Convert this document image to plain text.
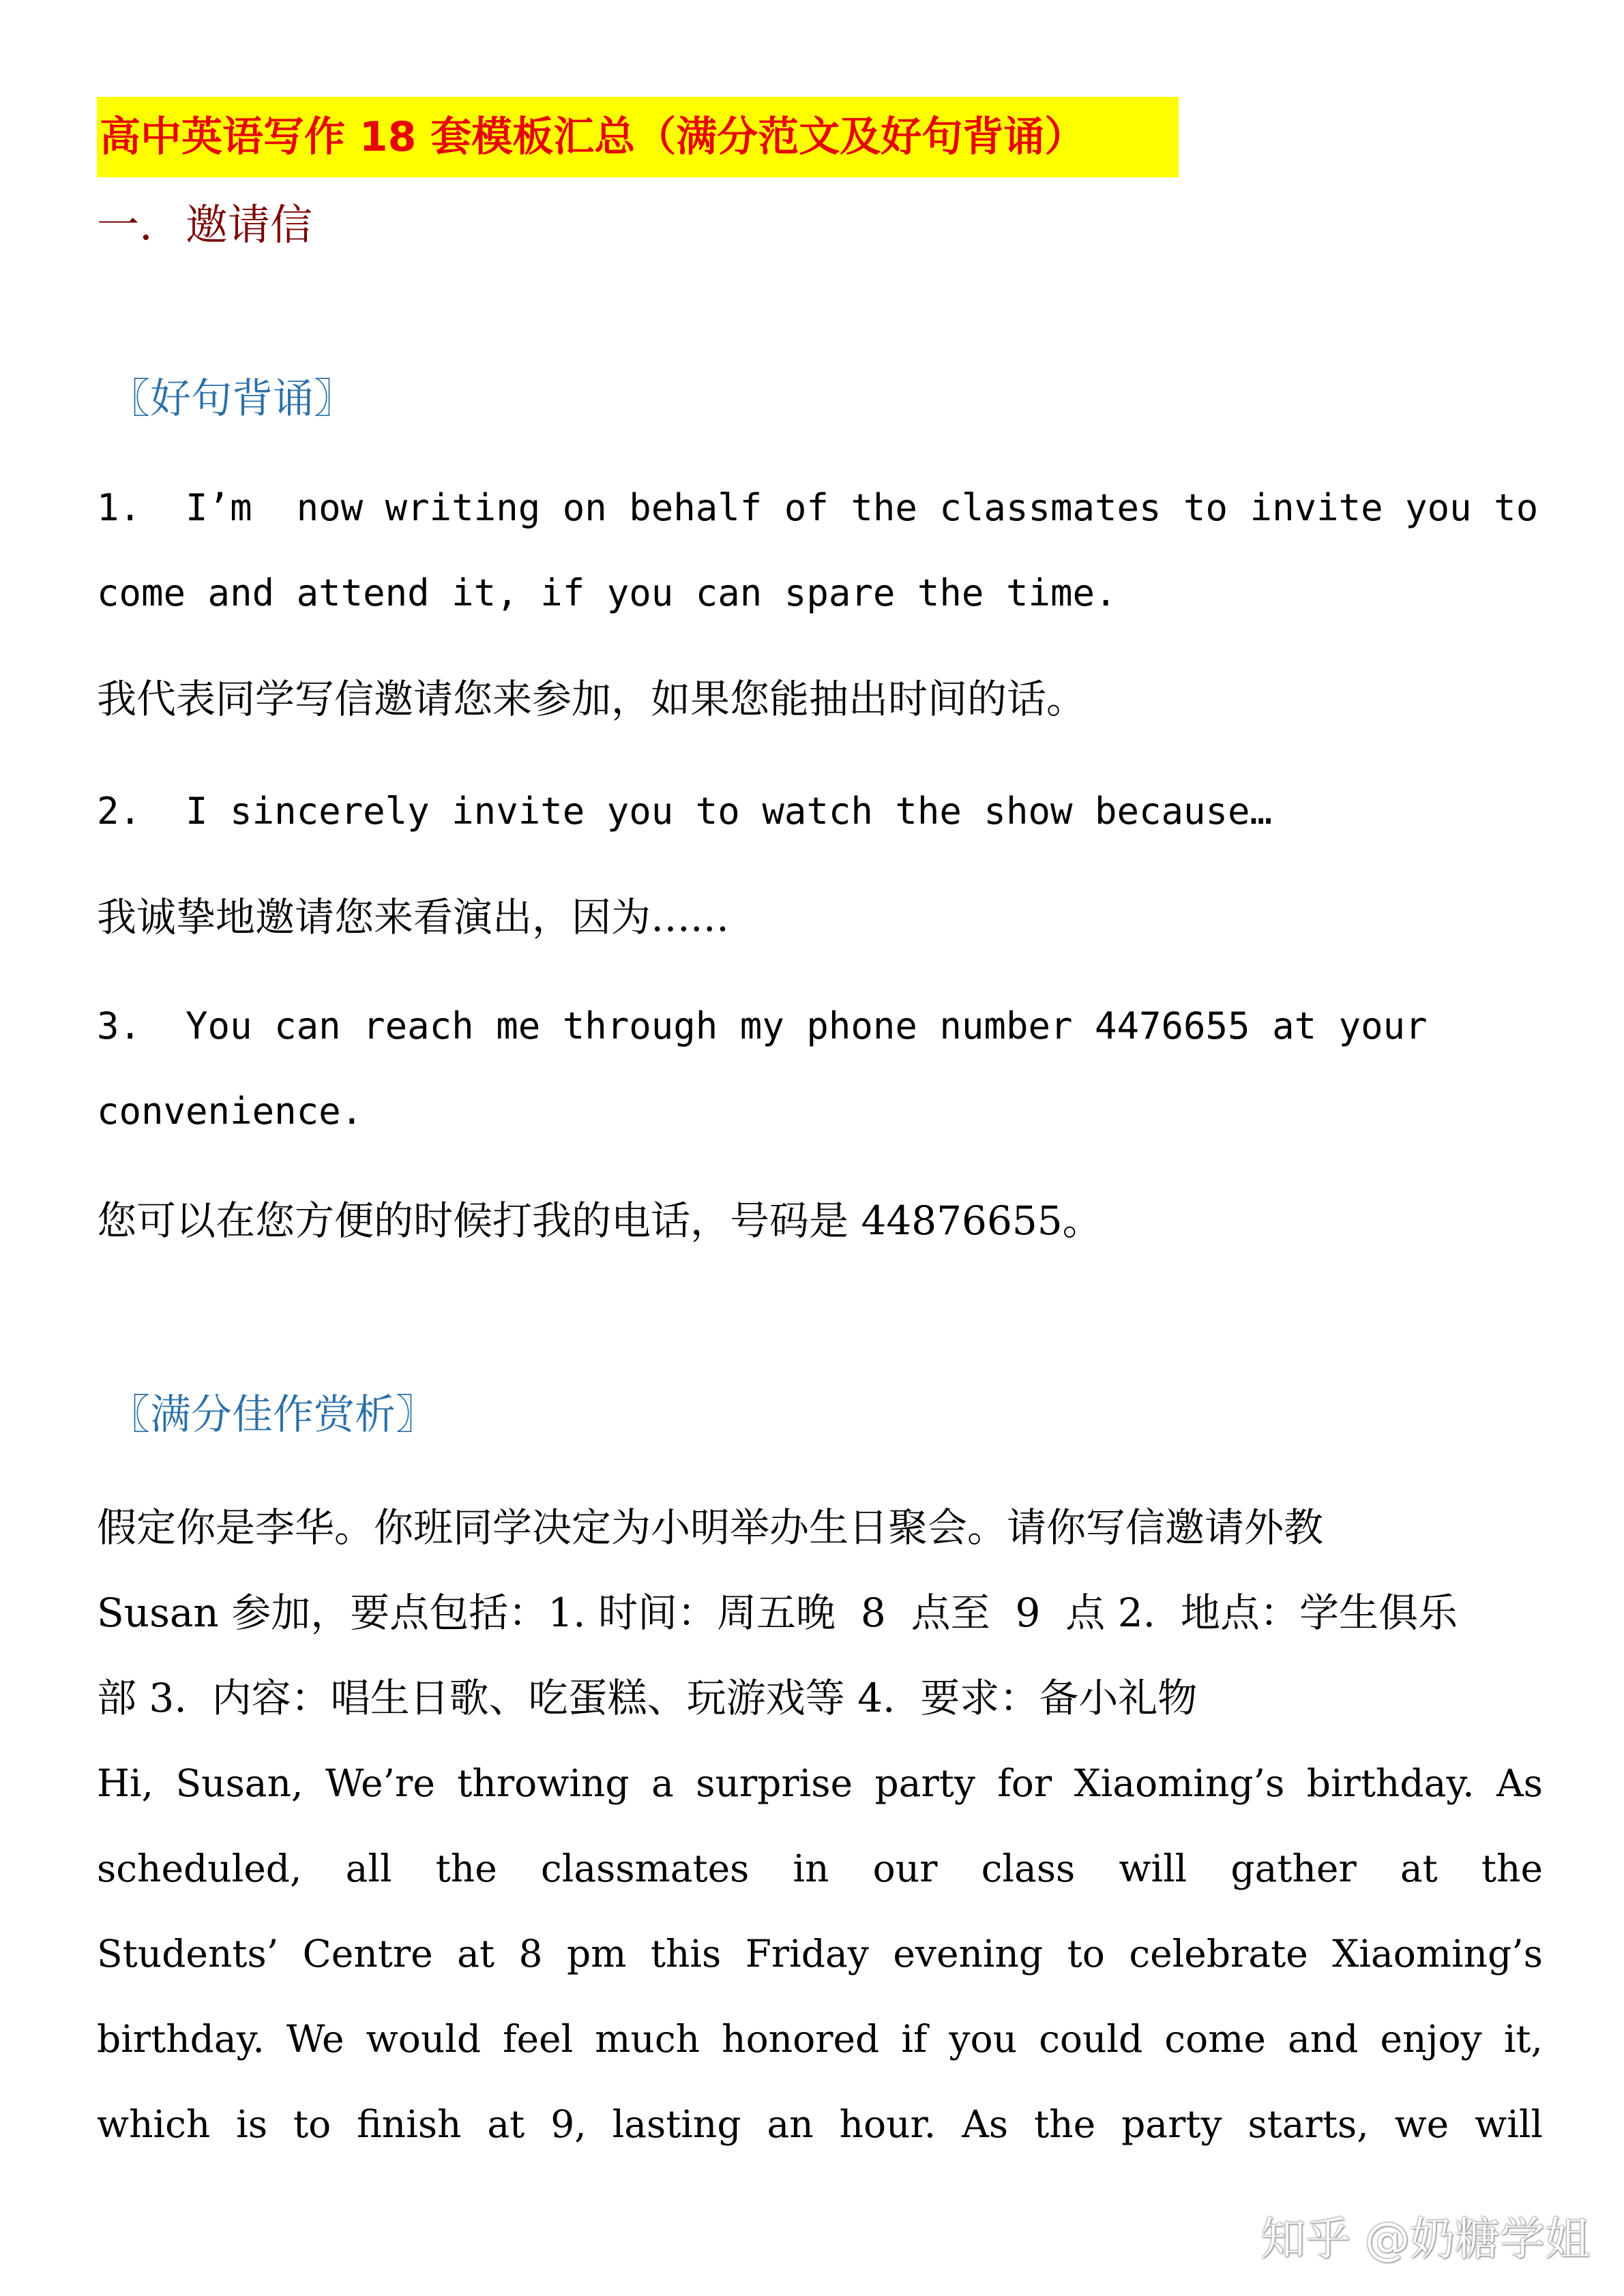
高中英语写作 18 套模板汇总（满分范文及好句背诵）
一. 邀请信
〖好句背诵〗
1.  I’m  now writing on behalf of the classmates to invite you to
come and attend it, if you can spare the time.
我代表同学写信邀请您来参加，如果您能抽出时间的话。
2.  I sincerely invite you to watch the show because…
我诚挚地邀请您来看演出，因为….‥
3.  You can reach me through my phone number 4476655 at your
convenience.
您可以在您方便的时候打我的电话，号码是 44876655。
〖满分佳作赏析〗
假定你是李华。你班同学决定为小明举办生日聚会。请你写信邀请外教
Susan 参加，要点包括：1. 时间：周五晚  8  点至  9  点 2.  地点：学生俱乐
部 3.  内容：唱生日歌、吃蛋糕、玩游戏等 4.  要求：备小礼物
Hi, Susan, We’re throwing a surprise party for Xiaoming’s birthday. As
scheduled, all the classmates in our class will gather at the
Students’ Centre at 8 pm this Friday evening to celebrate Xiaoming’s
birthday. We would feel much honored if you could come and enjoy it,
which is to finish at 9, lasting an hour. As the party starts, we will
知乎 @奶糖学姐
